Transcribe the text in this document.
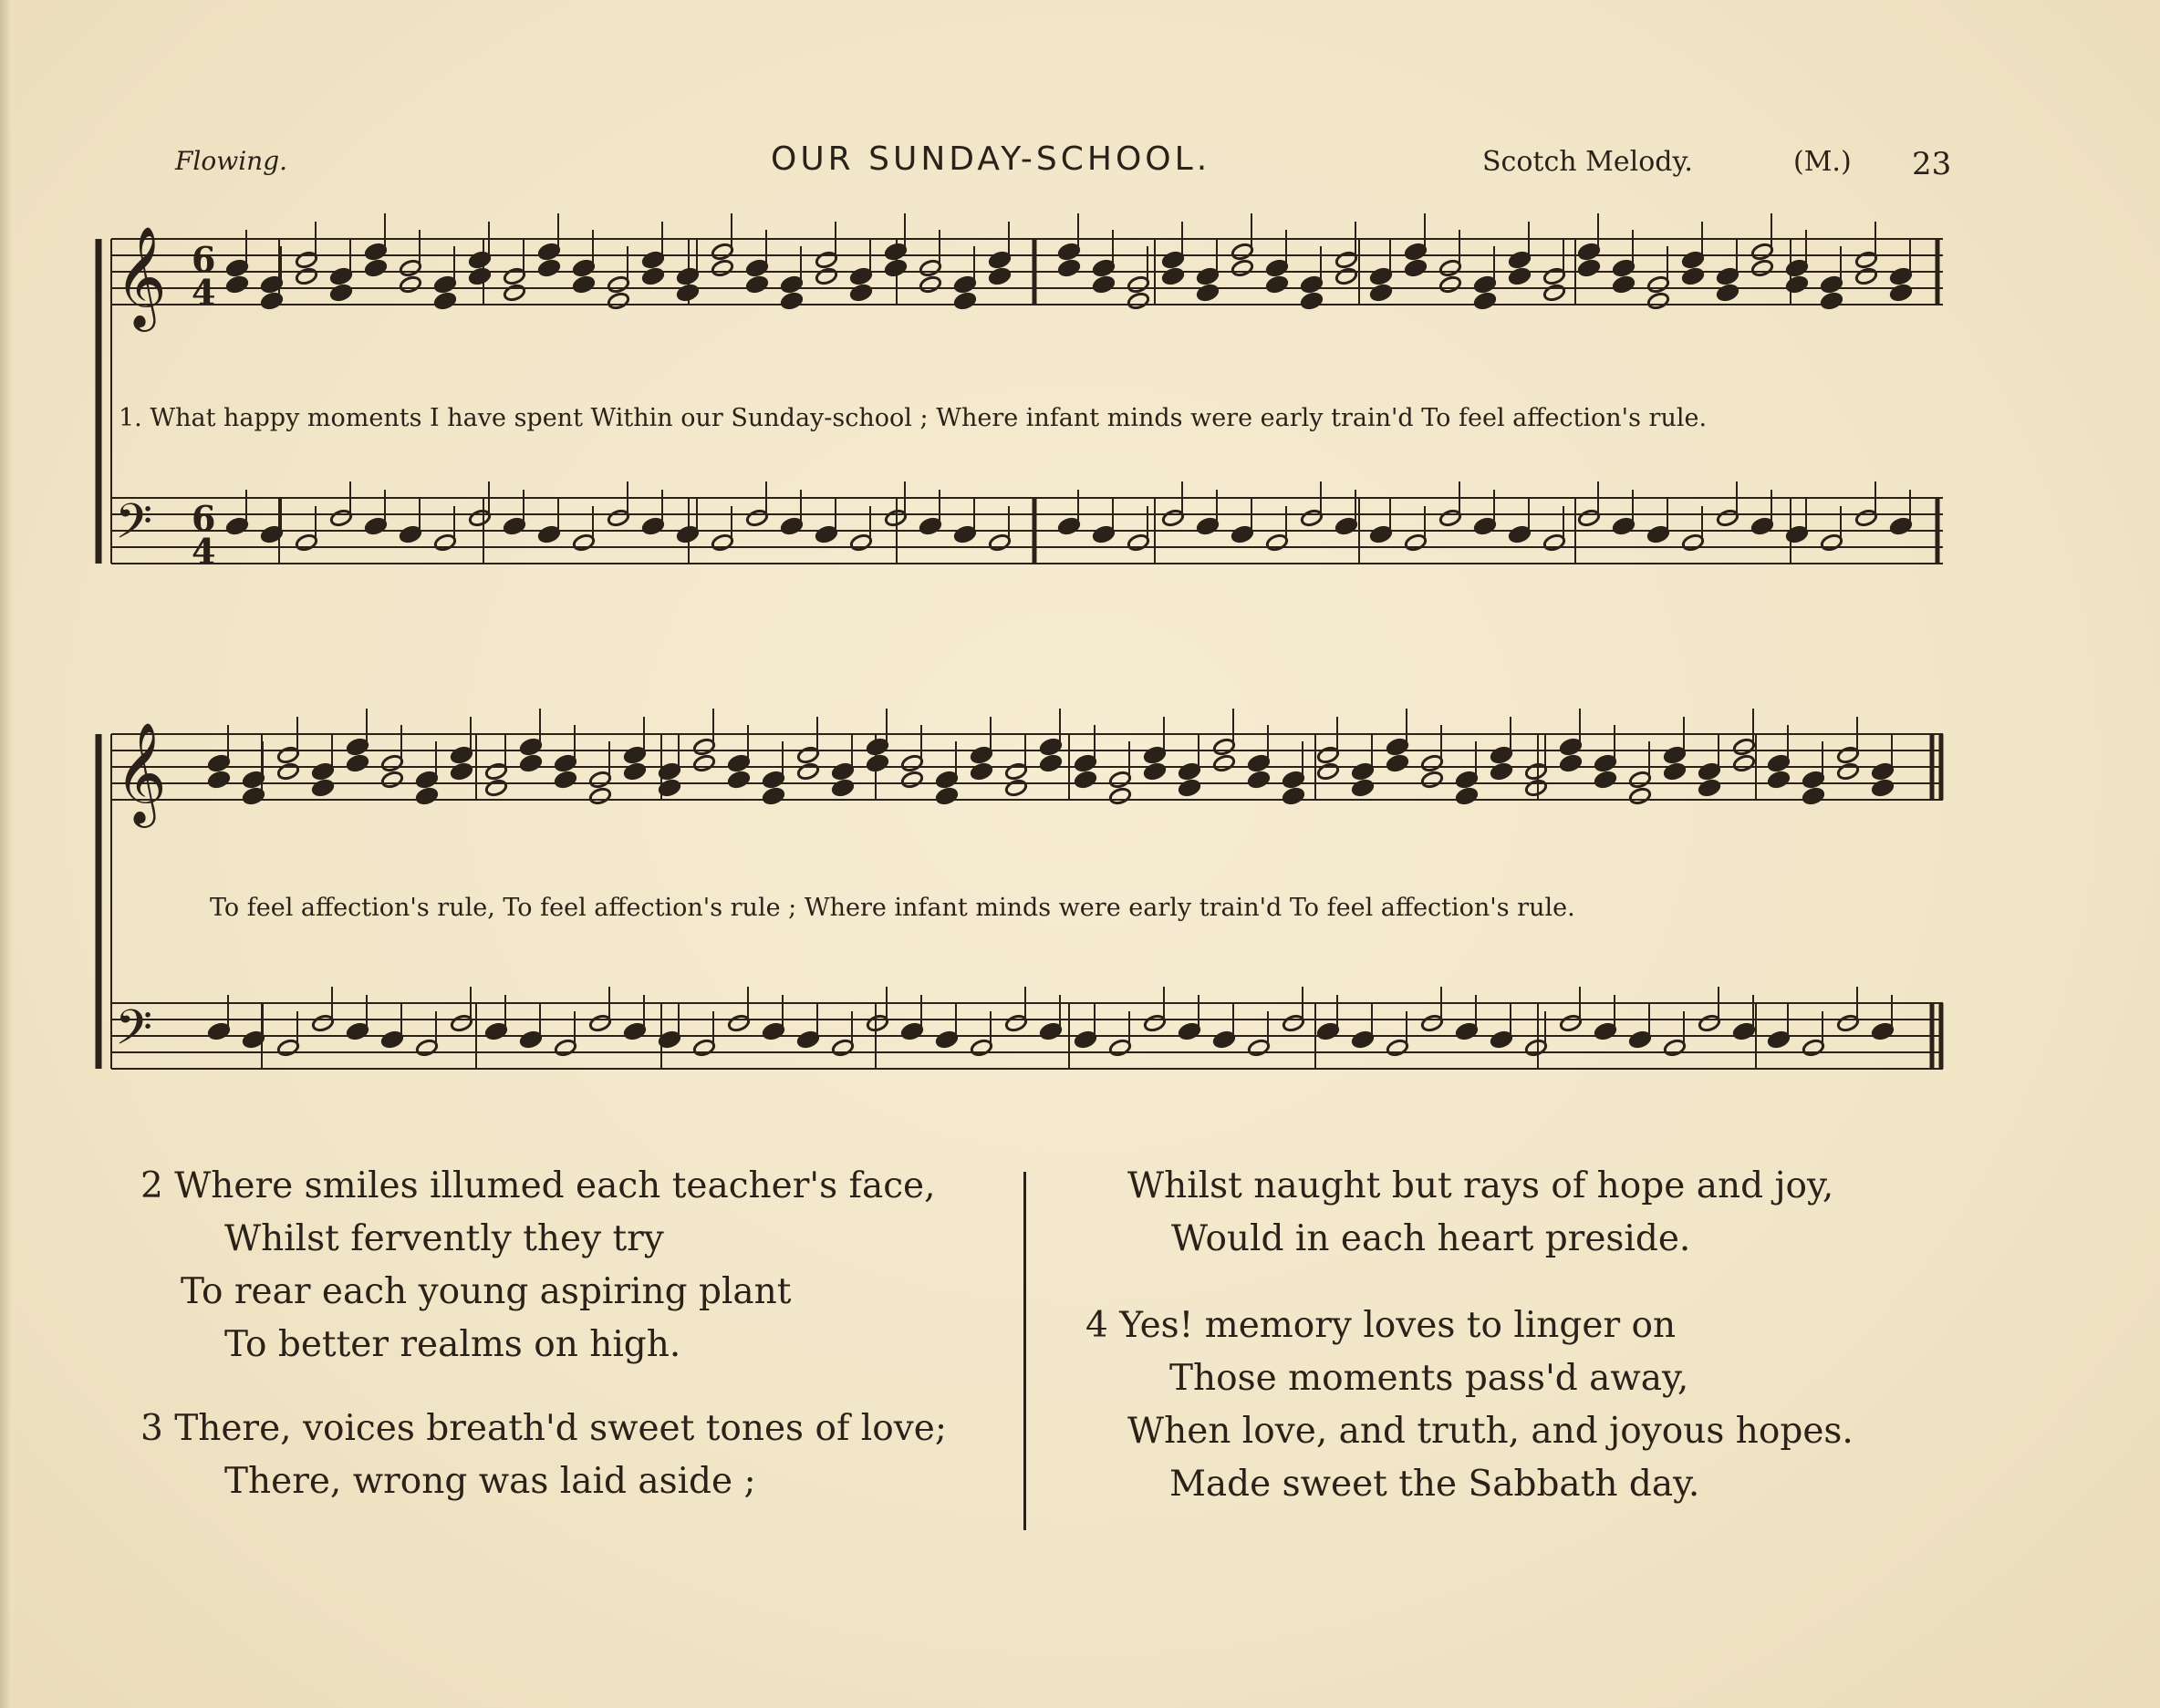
Flowing.	OUR SUNDAY-SCHOOL.	Scotch Melody.	(M.) 23
𝄞
𝄢
𝄞
𝄢
6
4
6
4
1. What happy moments I have spent Within our Sunday-school ; Where infant minds were early train'd To feel affection's rule.
To feel affection's rule, To feel affection's rule ; Where infant minds were early train'd To feel affection's rule.
2 Where smiles illumed each teacher's face,
Whilst fervently they try
To rear each young aspiring plant
To better realms on high.
3 There, voices breath'd sweet tones of love;
There, wrong was laid aside ;
Whilst naught but rays of hope and joy,
Would in each heart preside.
4 Yes! memory loves to linger on
Those moments pass'd away,
When love, and truth, and joyous hopes.
Made sweet the Sabbath day.
